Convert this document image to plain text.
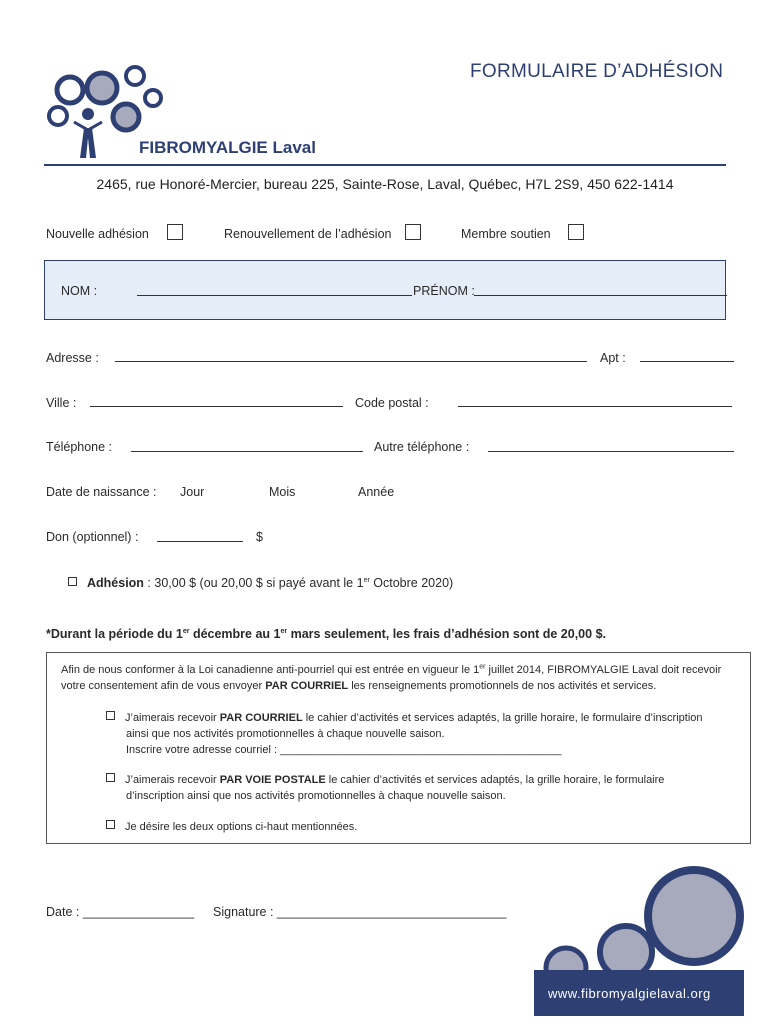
FORMULAIRE D’ADHÉSION
FIBROMYALGIE Laval
2465, rue Honoré-Mercier, bureau 225, Sainte-Rose, Laval, Québec, H7L 2S9, 450 622-1414
Nouvelle adhésion	Renouvellement de l’adhésion	Membre soutien
NOM :	PRÉNOM :
Adresse :	Apt :
Ville :	Code postal :
Téléphone :	Autre téléphone :
Date de naissance : Jour	Mois	Année
Don (optionnel) :	$
Adhésion : 30,00 $ (ou 20,00 $ si payé avant le 1er Octobre 2020)
*Durant la période du 1er décembre au 1er mars seulement, les frais d’adhésion sont de 20,00 $.
Afin de nous conformer à la Loi canadienne anti-pourriel qui est entrée en vigueur le 1er juillet 2014, FIBROMYALGIE Laval doit recevoir
votre consentement afin de vous envoyer PAR COURRIEL les renseignements promotionnels de nos activités et services.
J’aimerais recevoir PAR COURRIEL le cahier d’activités et services adaptés, la grille horaire, le formulaire d’inscription
ainsi que nos activités promotionnelles à chaque nouvelle saison.
Inscrire votre adresse courriel : ______________________________________________
J’aimerais recevoir PAR VOIE POSTALE le cahier d’activités et services adaptés, la grille horaire, le formulaire
d’inscription ainsi que nos activités promotionnelles à chaque nouvelle saison.
Je désire les deux options ci-haut mentionnées.
Date : ________________ Signature : _________________________________
www.fibromyalgielaval.org
